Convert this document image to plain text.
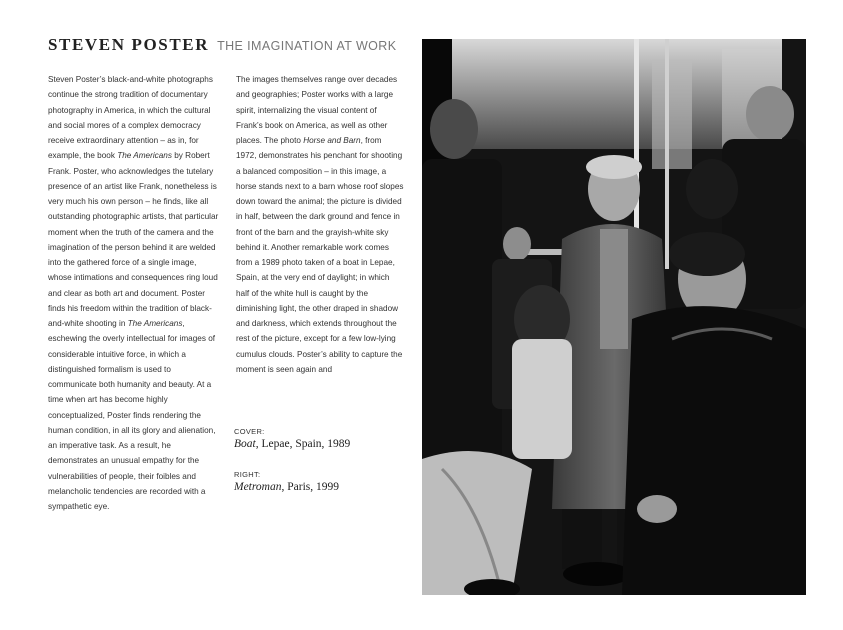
STEVEN POSTER THE IMAGINATION AT WORK
Steven Poster’s black-and-white photographs continue the strong tradition of documentary photography in America, in which the cultural and social mores of a complex democracy receive extraordinary attention – as in, for example, the book The Americans by Robert Frank. Poster, who acknowledges the tutelary presence of an artist like Frank, nonetheless is very much his own person – he finds, like all outstanding photographic artists, that particular moment when the truth of the camera and the imagination of the person behind it are welded into the gathered force of a single image, whose intimations and consequences ring loud and clear as both art and document. Poster finds his freedom within the tradition of black-and-white shooting in The Americans, eschewing the overly intellectual for images of considerable intuitive force, in which a distinguished formalism is used to communicate both humanity and beauty. At a time when art has become highly conceptualized, Poster finds rendering the human condition, in all its glory and alienation, an imperative task. As a result, he demonstrates an unusual empathy for the vulnerabilities of people, their foibles and melancholic tendencies are recorded with a sympathetic eye.
The images themselves range over decades and geographies; Poster works with a large spirit, internalizing the visual content of Frank’s book on America, as well as other places. The photo Horse and Barn, from 1972, demonstrates his penchant for shooting a balanced composition – in this image, a horse stands next to a barn whose roof slopes down toward the animal; the picture is divided in half, between the dark ground and fence in front of the barn and the grayish-white sky behind it. Another remarkable work comes from a 1989 photo taken of a boat in Lepae, Spain, at the very end of daylight; in which half of the white hull is caught by the diminishing light, the other draped in shadow and darkness, which extends throughout the rest of the picture, except for a few low-lying cumulus clouds. Poster’s ability to capture the moment is seen again and
COVER:
Boat, Lepae, Spain, 1989
RIGHT:
Metroman, Paris, 1999
